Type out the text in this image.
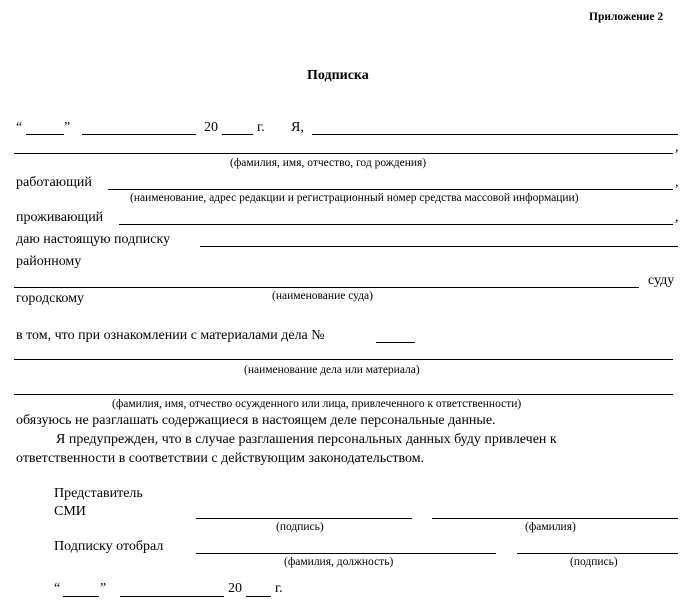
Приложение 2
Подписка
“	”	20	г. Я,
,
(фамилия, имя, отчество, год рождения)
работающий	,
(наименование, адрес редакции и регистрационный номер средства массовой информации)
проживающий	,
даю настоящую подписку
районному
суду
городскому	(наименование суда)
в том, что при ознакомлении с материалами дела №
(наименование дела или материала)
(фамилия, имя, отчество осужденного или лица, привлеченного к ответственности)
обязуюсь не разглашать содержащиеся в настоящем деле персональные данные.
Я предупрежден, что в случае разглашения персональных данных буду привлечен к
ответственности в соответствии с действующим законодательством.
Представитель
СМИ
(подпись)	(фамилия)
Подписку отобрал
(фамилия, должность)	(подпись)
“	”	20 г.
